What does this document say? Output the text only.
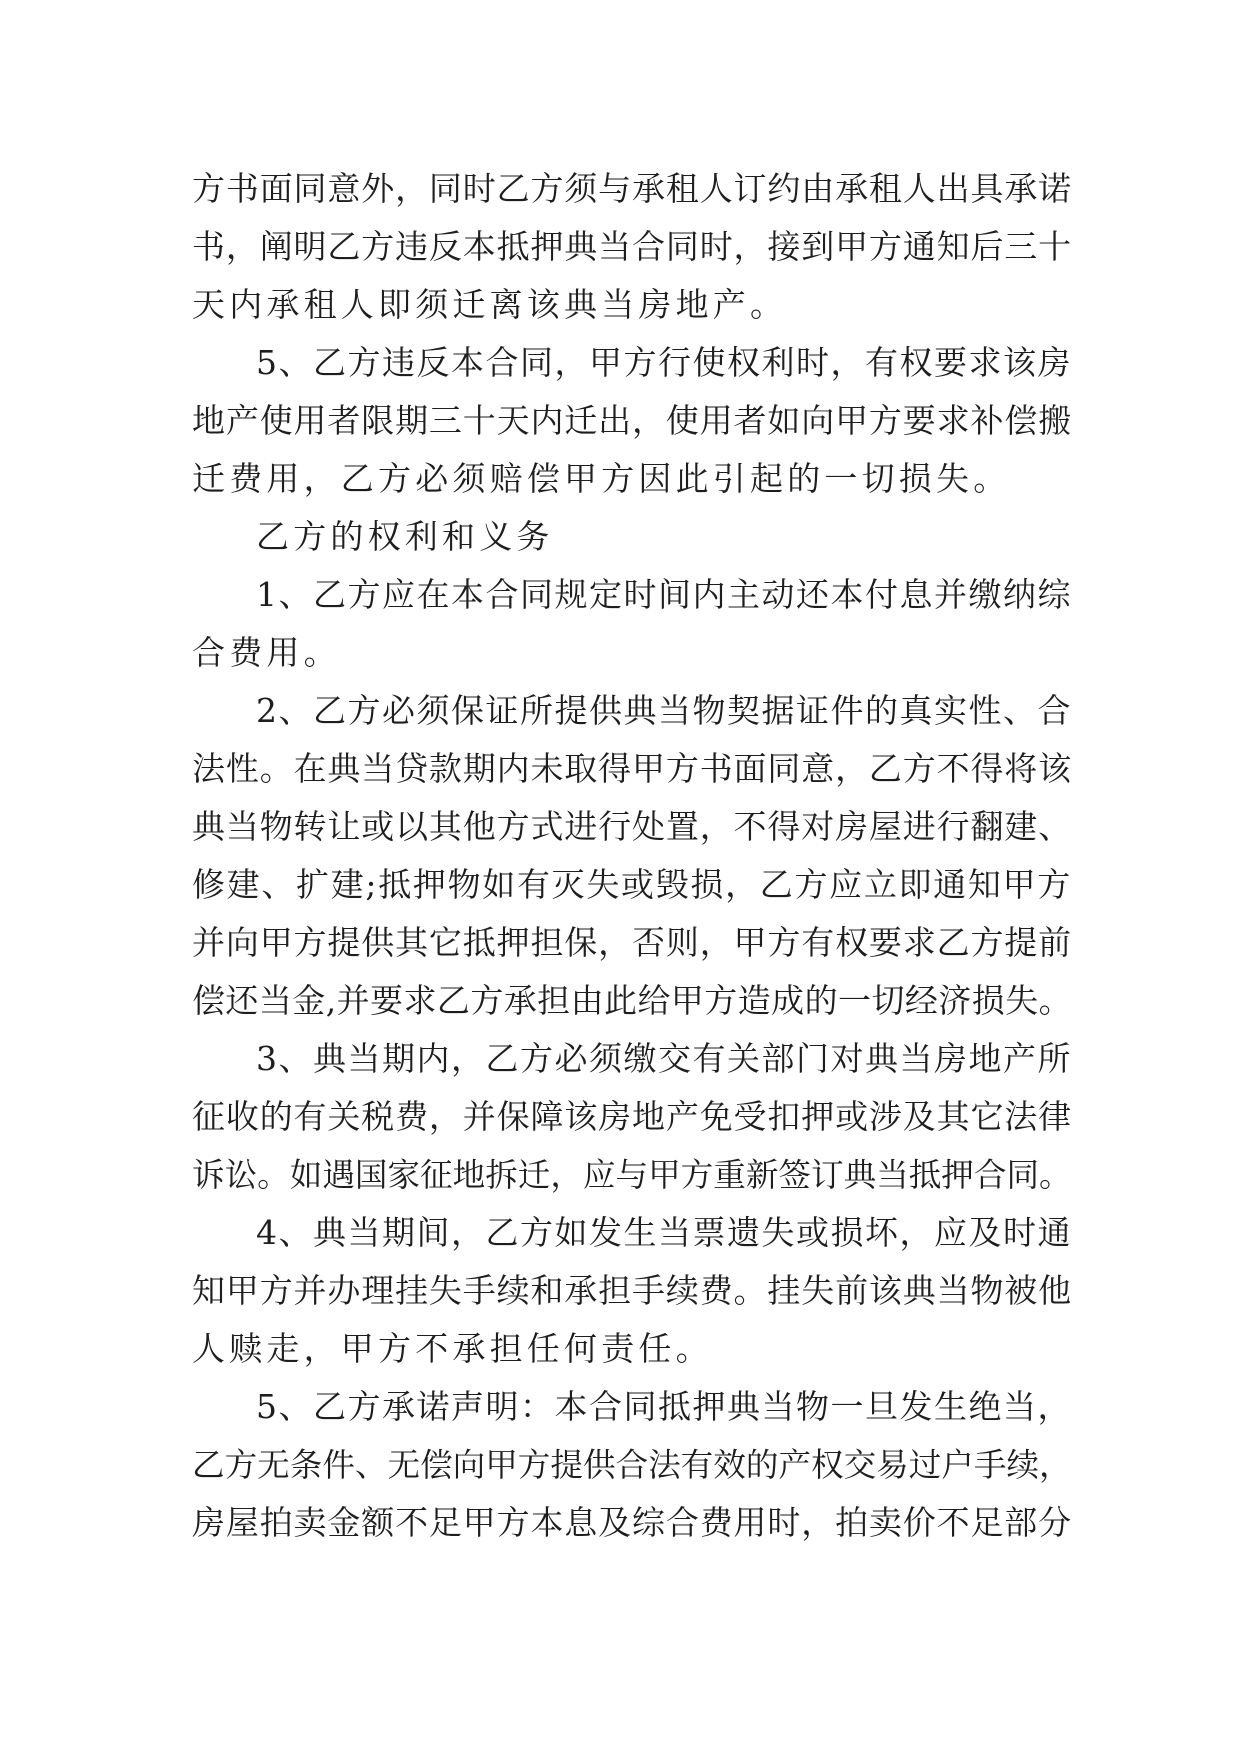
方书面同意外，同时乙方须与承租人订约由承租人出具承诺
书，阐明乙方违反本抵押典当合同时，接到甲方通知后三十
天内承租人即须迁离该典当房地产。
5、乙方违反本合同，甲方行使权利时，有权要求该房
地产使用者限期三十天内迁出，使用者如向甲方要求补偿搬
迁费用，乙方必须赔偿甲方因此引起的一切损失。
乙方的权利和义务
1、乙方应在本合同规定时间内主动还本付息并缴纳综
合费用。
2、乙方必须保证所提供典当物契据证件的真实性、合
法性。在典当贷款期内未取得甲方书面同意，乙方不得将该
典当物转让或以其他方式进行处置，不得对房屋进行翻建、
修建、扩建;抵押物如有灭失或毁损，乙方应立即通知甲方
并向甲方提供其它抵押担保，否则，甲方有权要求乙方提前
偿还当金,并要求乙方承担由此给甲方造成的一切经济损失。
3、典当期内，乙方必须缴交有关部门对典当房地产所
征收的有关税费，并保障该房地产免受扣押或涉及其它法律
诉讼。如遇国家征地拆迁，应与甲方重新签订典当抵押合同。
4、典当期间，乙方如发生当票遗失或损坏，应及时通
知甲方并办理挂失手续和承担手续费。挂失前该典当物被他
人赎走，甲方不承担任何责任。
5、乙方承诺声明：本合同抵押典当物一旦发生绝当，
乙方无条件、无偿向甲方提供合法有效的产权交易过户手续，
房屋拍卖金额不足甲方本息及综合费用时，拍卖价不足部分
